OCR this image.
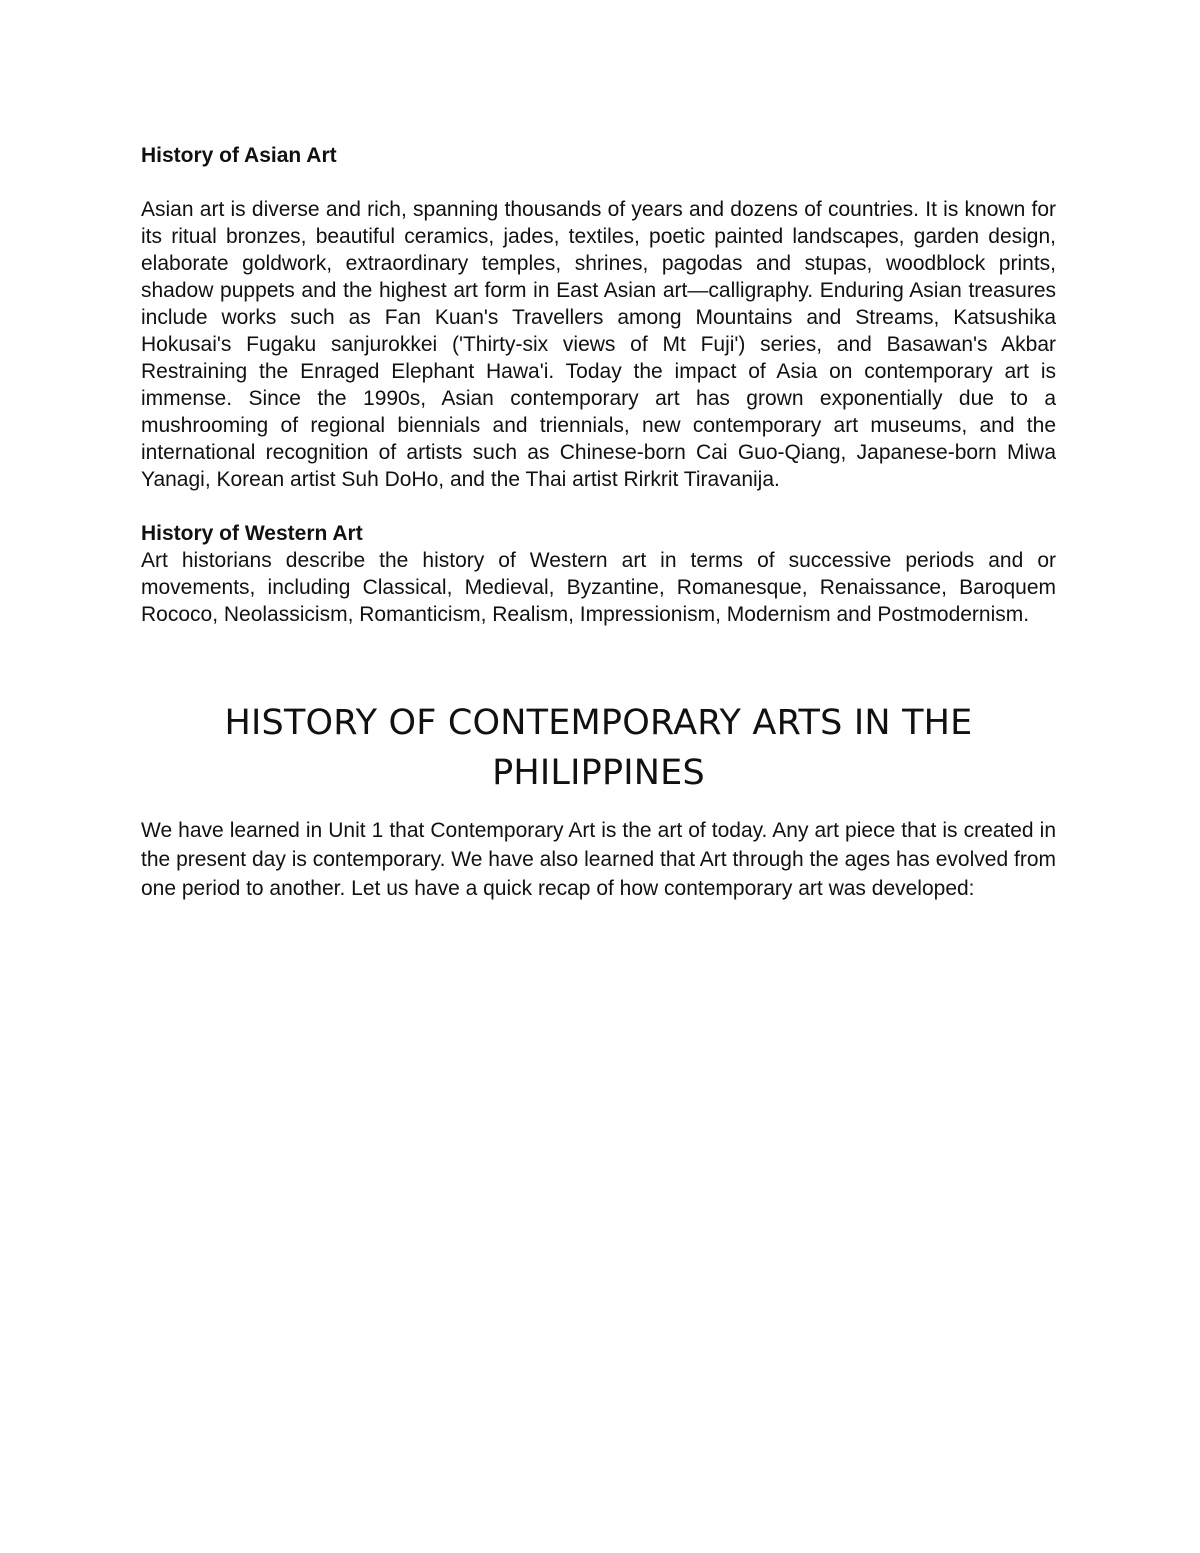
History of Asian Art

Asian art is diverse and rich, spanning thousands of years and dozens of countries. It is known for its ritual bronzes, beautiful ceramics, jades, textiles, poetic painted landscapes, garden design, elaborate goldwork, extraordinary temples, shrines, pagodas and stupas, woodblock prints, shadow puppets and the highest art form in East Asian art—calligraphy. Enduring Asian treasures include works such as Fan Kuan's Travellers among Mountains and Streams, Katsushika Hokusai's Fugaku sanjurokkei ('Thirty-six views of Mt Fuji') series, and Basawan's Akbar Restraining the Enraged Elephant Hawa'i. Today the impact of Asia on contemporary art is immense. Since the 1990s, Asian contemporary art has grown exponentially due to a mushrooming of regional biennials and triennials, new contemporary art museums, and the international recognition of artists such as Chinese-born Cai Guo-Qiang, Japanese-born Miwa Yanagi, Korean artist Suh DoHo, and the Thai artist Rirkrit Tiravanija.

History of Western Art

Art historians describe the history of Western art in terms of successive periods and or movements, including Classical, Medieval, Byzantine, Romanesque, Renaissance, Baroquem Rococo, Neolassicism, Romanticism, Realism, Impressionism, Modernism and Postmodernism.

HISTORY OF CONTEMPORARY ARTS IN THE PHILIPPINES

We have learned in Unit 1 that Contemporary Art is the art of today. Any art piece that is created in the present day is contemporary. We have also learned that Art through the ages has evolved from one period to another. Let us have a quick recap of how contemporary art was developed:
